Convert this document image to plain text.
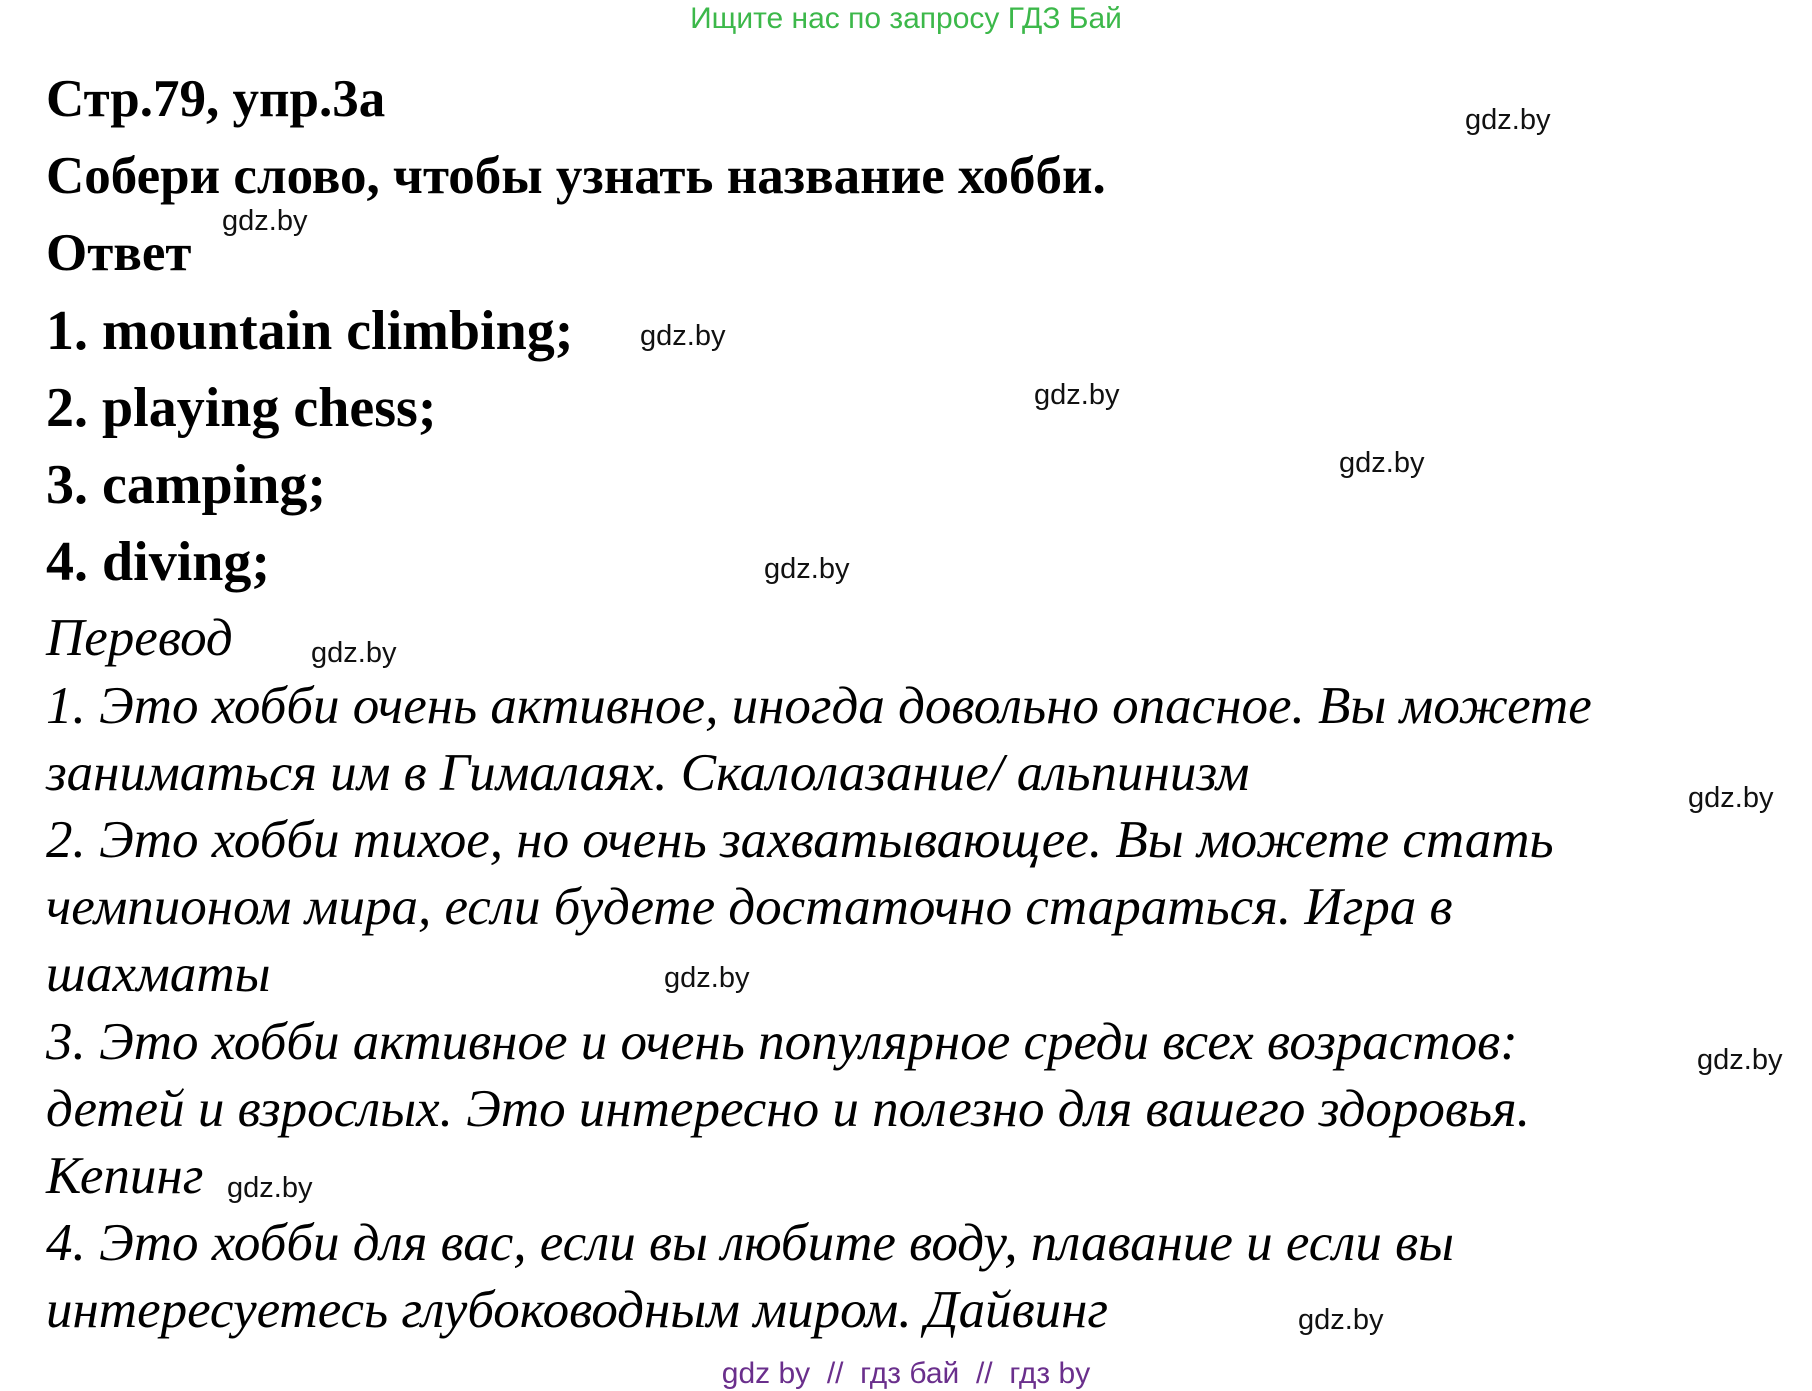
Ищите нас по запросу ГДЗ Бай
Стр.79, упр.3а
Собери слово, чтобы узнать название хобби.
Ответ
1. mountain climbing;
2. playing chess;
3. camping;
4. diving;
Перевод
1. Это хобби очень активное, иногда довольно опасное. Вы можете
заниматься им в Гималаях. Скалолазание/ альпинизм
2. Это хобби тихое, но очень захватывающее. Вы можете стать
чемпионом мира, если будете достаточно стараться. Игра в
шахматы
3. Это хобби активное и очень популярное среди всех возрастов:
детей и взрослых. Это интересно и полезно для вашего здоровья.
Кепинг
4. Это хобби для вас, если вы любите воду, плавание и если вы
интересуетесь глубоководным миром. Дайвинг
gdz.by
gdz.by
gdz.by
gdz.by
gdz.by
gdz.by
gdz.by
gdz.by
gdz.by
gdz.by
gdz.by
gdz.by
gdz by  //  гдз бай  //  гдз by
